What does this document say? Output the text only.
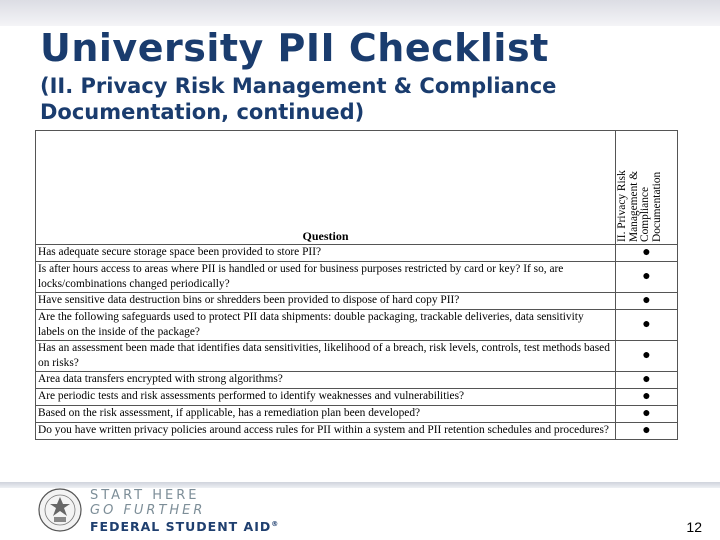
University PII Checklist
(II. Privacy Risk Management & Compliance Documentation, continued)
Question	II. Privacy Risk Management & Compliance Documentation

Has adequate secure storage space been provided to store PII?	●
Is after hours access to areas where PII is handled or used for business purposes restricted by card or key? If so, are locks/combinations changed periodically?	●
Have sensitive data destruction bins or shredders been provided to dispose of hard copy PII?	●
Are the following safeguards used to protect PII data shipments: double packaging, trackable deliveries, data sensitivity labels on the inside of the package?	●
Has an assessment been made that identifies data sensitivities, likelihood of a breach, risk levels, controls, test methods based on risks?	●
Area data transfers encrypted with strong algorithms?	●
Are periodic tests and risk assessments performed to identify weaknesses and vulnerabilities?	●
Based on the risk assessment, if applicable, has a remediation plan been developed?	●
Do you have written privacy policies around access rules for PII within a system and PII retention schedules and procedures?	●
START HERE
GO FURTHER
FEDERAL STUDENT AID®	12
